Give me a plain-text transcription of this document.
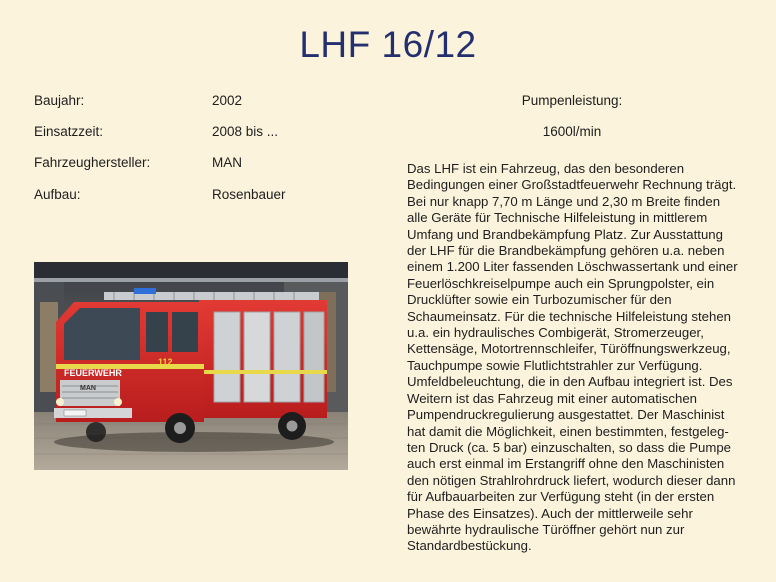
LHF 16/12
Baujahr:	2002
Einsatzzeit:	2008 bis ...
Fahrzeughersteller:	MAN
Aufbau:	Rosenbauer
Pumpenleistung:
1600l/min
Das LHF ist ein Fahrzeug, das den besonderen
Bedingungen einer Großstadtfeuerwehr Rechnung trägt.
Bei nur knapp 7,70 m Länge und 2,30 m Breite finden
alle Geräte für Technische Hilfeleistung in mittlerem
Umfang und Brandbekämpfung Platz. Zur Ausstattung
der LHF für die Brandbekämpfung gehören u.a. neben
einem 1.200 Liter fassenden Löschwassertank und einer
Feuerlöschkreiselpumpe auch ein Sprungpolster, ein
Drucklüfter sowie ein Turbozumischer für den
Schaumeinsatz. Für die technische Hilfeleistung stehen
u.a. ein hydraulisches Combigerät, Stromerzeuger,
Kettensäge, Motortrennschleifer, Türöffnungswerkzeug,
Tauchpumpe sowie Flutlichtstrahler zur Verfügung.
Umfeldbeleuchtung, die in den Aufbau integriert ist. Des
Weitern ist das Fahrzeug mit einer automatischen
Pumpendruckregulierung ausgestattet. Der Maschinist
hat damit die Möglichkeit, einen bestimmten, festgeleg-
ten Druck (ca. 5 bar) einzuschalten, so dass die Pumpe
auch erst einmal im Erstangriff ohne den Maschinisten
den nötigen Strahlrohrdruck liefert, wodurch dieser dann
für Aufbauarbeiten zur Verfügung steht (in der ersten
Phase des Einsatzes). Auch der mittlerweile sehr
bewährte hydraulische Türöffner gehört nun zur
Standardbestückung.
FEUERWEHR
112
MAN
